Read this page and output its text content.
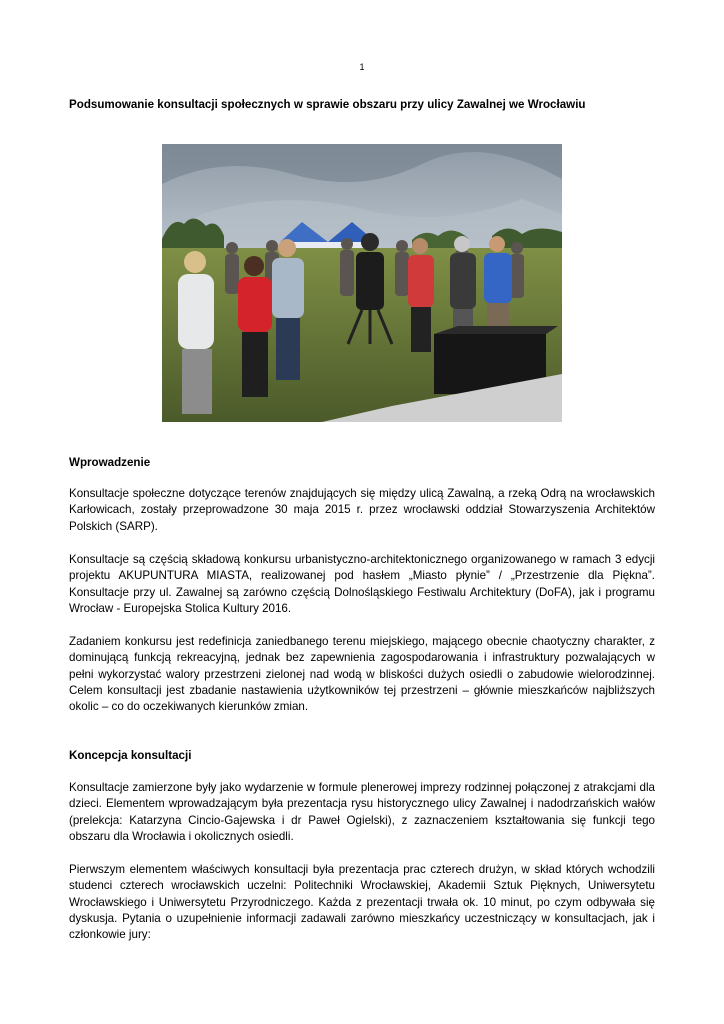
1
Podsumowanie konsultacji społecznych w sprawie obszaru przy ulicy Zawalnej we Wrocławiu
Wprowadzenie

Konsultacje społeczne dotyczące terenów znajdujących się między ulicą Zawalną, a rzeką Odrą na wrocławskich Karłowicach, zostały przeprowadzone 30 maja 2015 r. przez wrocławski oddział Stowarzyszenia Architektów Polskich (SARP).

Konsultacje są częścią składową konkursu urbanistyczno-architektonicznego organizowanego w ramach 3 edycji projektu AKUPUNTURA MIASTA, realizowanej pod hasłem „Miasto płynie” / „Przestrzenie dla Piękna”. Konsultacje przy ul. Zawalnej są zarówno częścią Dolnośląskiego Festiwalu Architektury (DoFA), jak i programu Wrocław - Europejska Stolica Kultury 2016.

Zadaniem konkursu jest redefinicja zaniedbanego terenu miejskiego, mającego obecnie chaotyczny charakter, z dominującą funkcją rekreacyjną, jednak bez zapewnienia zagospodarowania i infrastruktury pozwalających w pełni wykorzystać walory przestrzeni zielonej nad wodą w bliskości dużych osiedli o zabudowie wielorodzinnej. Celem konsultacji jest zbadanie nastawienia użytkowników tej przestrzeni – głównie mieszkańców najbliższych okolic – co do oczekiwanych kierunków zmian.

Koncepcja konsultacji

Konsultacje zamierzone były jako wydarzenie w formule plenerowej imprezy rodzinnej połączonej z atrakcjami dla dzieci. Elementem wprowadzającym była prezentacja rysu historycznego ulicy Zawalnej i nadodrzańskich wałów (prelekcja: Katarzyna Cincio-Gajewska i dr Paweł Ogielski), z zaznaczeniem kształtowania się funkcji tego obszaru dla Wrocławia i okolicznych osiedli.

Pierwszym elementem właściwych konsultacji była prezentacja prac czterech drużyn, w skład których wchodzili studenci czterech wrocławskich uczelni: Politechniki Wrocławskiej, Akademii Sztuk Pięknych, Uniwersytetu Wrocławskiego i Uniwersytetu Przyrodniczego. Każda z prezentacji trwała ok. 10 minut, po czym odbywała się dyskusja. Pytania o uzupełnienie informacji zadawali zarówno mieszkańcy uczestniczący w konsultacjach, jak i członkowie jury:
